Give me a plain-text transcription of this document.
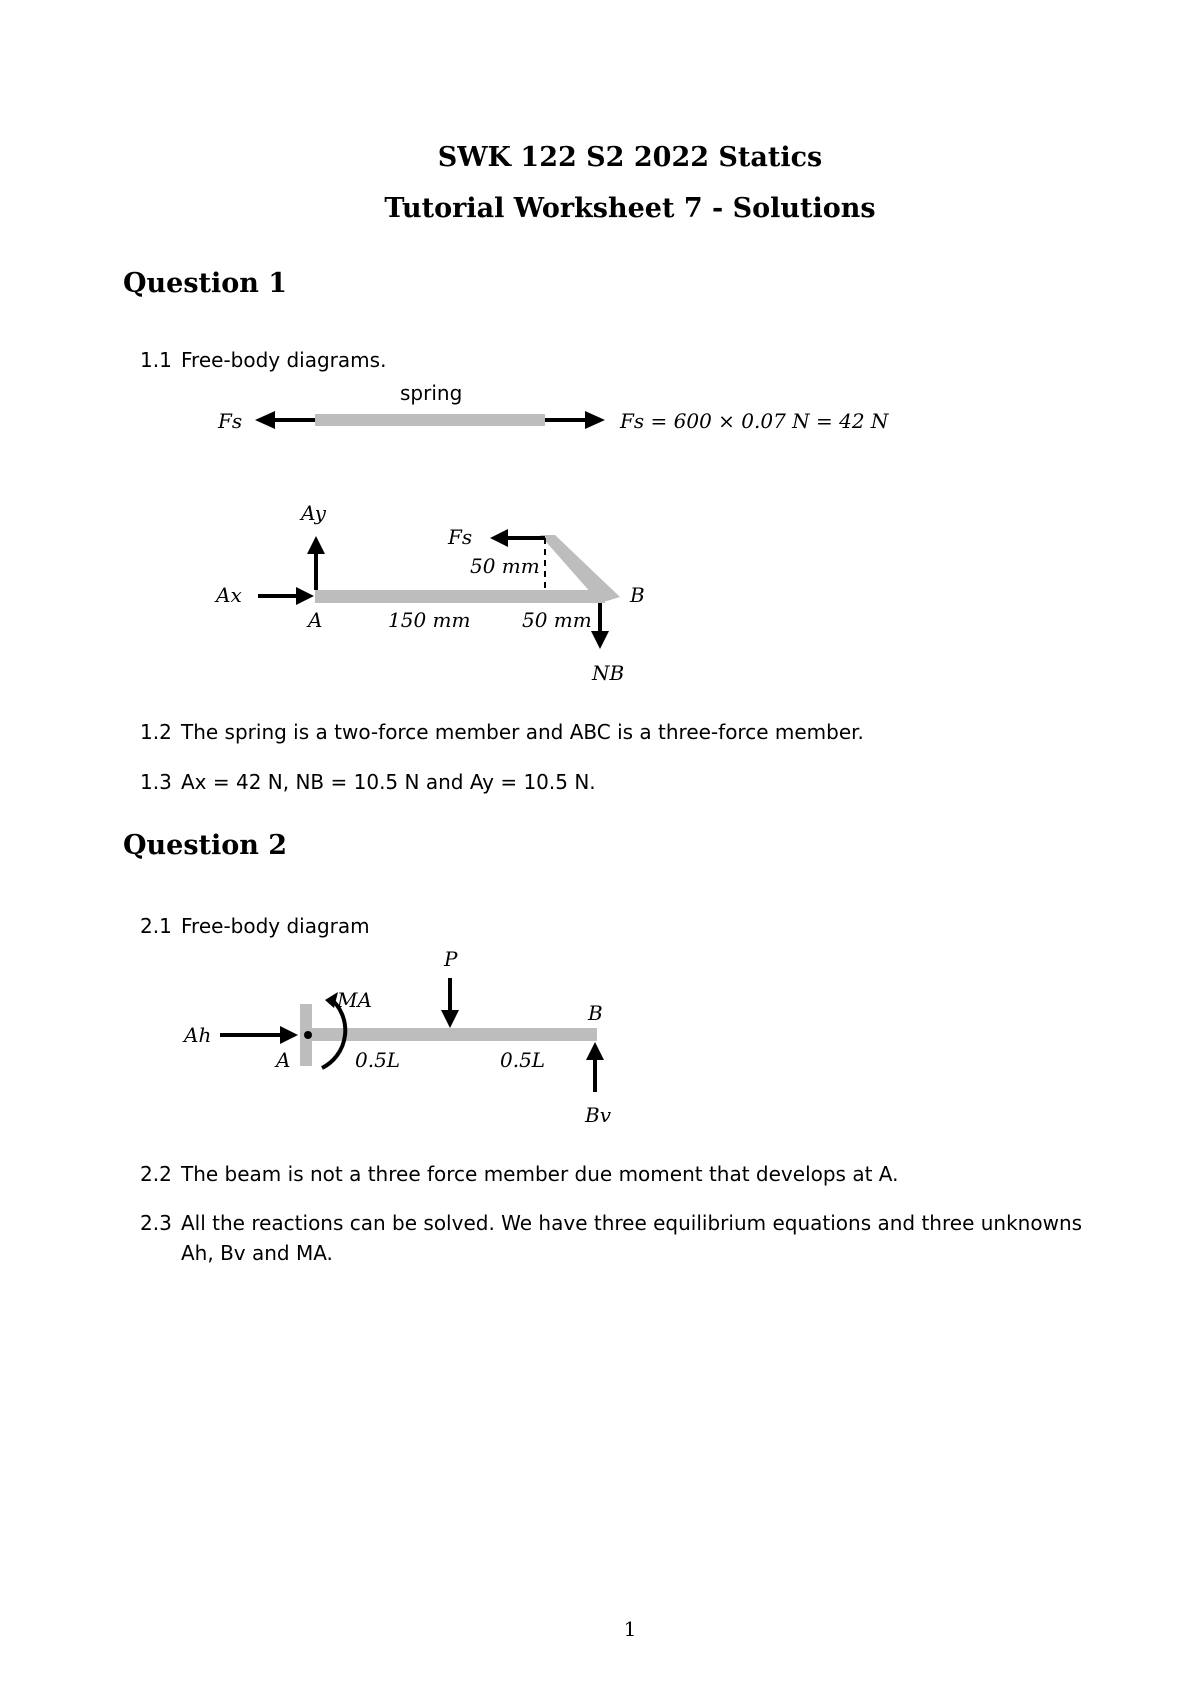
SWK 122 S2 2022 Statics
Tutorial Worksheet 7 - Solutions
Question 1
1.1 Free-body diagrams.
spring
Fs	Fs = 600 × 0.07 N = 42 N
Ay
Ax
A
Fs
B
NB
50 mm
150 mm	50 mm
1.2 The spring is a two-force member and ABC is a three-force member.
1.3 Ax = 42 N, NB = 10.5 N and Ay = 10.5 N.
Question 2
2.1 Free-body diagram
P
MA
B
Ah
A	0.5L	0.5L
Bv
2.2 The beam is not a three force member due moment that develops at A.
2.3 All the reactions can be solved. We have three equilibrium equations and three unknowns
Ah, Bv and MA.
1
